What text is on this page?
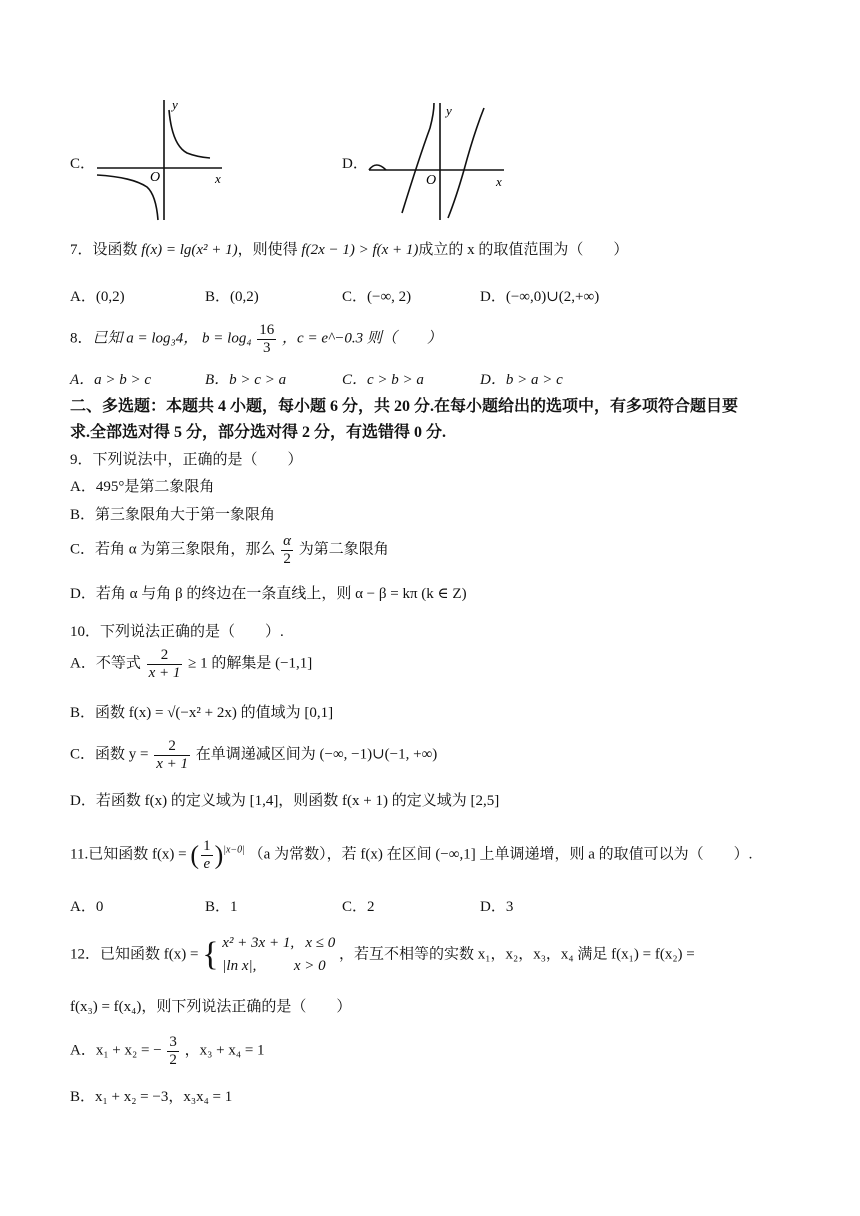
C．
y
x
O
D．
y
x
O
7．设函数 f(x) = lg(x² + 1)，则使得 f(2x − 1) > f(x + 1)成立的 x 的取值范围为（　　）
A．(0,2)	B．(0,2)	C．(−∞, 2)	D．(−∞,0)∪(2,+∞)
8．已知 a = log₃4， $b = \log_4 \frac{16}{3}$ ，c = e^−0.3 则（　　）
A．a > b > c	B．b > c > a	C．c > b > a	D．b > a > c
二、多选题：本题共 4 小题，每小题 6 分，共 20 分.在每小题给出的选项中，有多项符合题目要
求.全部选对得 5 分，部分选对得 2 分，有选错得 0 分.
9．下列说法中，正确的是（　　）
A．495°是第二象限角
B．第三象限角大于第一象限角
C．若角 α 为第三象限角，那么 $\frac{\alpha}{2}$ 为第二象限角
D．若角 α 与角 β 的终边在一条直线上，则 α − β = kπ (k ∈ Z)
10．下列说法正确的是（　　）.
A．不等式 $\frac{2}{x + 1} \ge 1$ 的解集是 (−1,1]
B．函数 f(x) = √(−x² + 2x) 的值域为 [0,1]
C．函数 $y = \frac{2}{x + 1}$ 在单调递减区间为 (−∞, −1)∪(−1, +∞)
D．若函数 f(x) 的定义域为 [1,4]，则函数 f(x + 1) 的定义域为 [2,5]
11.已知函数 f(x) = ( $\frac{1}{e} )^{|x-0|}$ （a 为常数），若 f(x) 在区间 (−∞,1] 上单调递增，则 a 的取值可以为（　　）.
A．0	B．1	C．2	D．3
12．已知函数 f(x) = { x² + 3x + 1, x ≤ 0
|ln x|,	x > 0
，若互不相等的实数 x₁，x₂，x₃，x₄ 满足 f(x₁) = f(x₂) =
f(x₃) = f(x₄)，则下列说法正确的是（　　）
A．x₁ + x₂ = − $\frac{3}{2}$ ，x₃ + x₄ = 1
B．x₁ + x₂ = −3，x₃x₄ = 1
